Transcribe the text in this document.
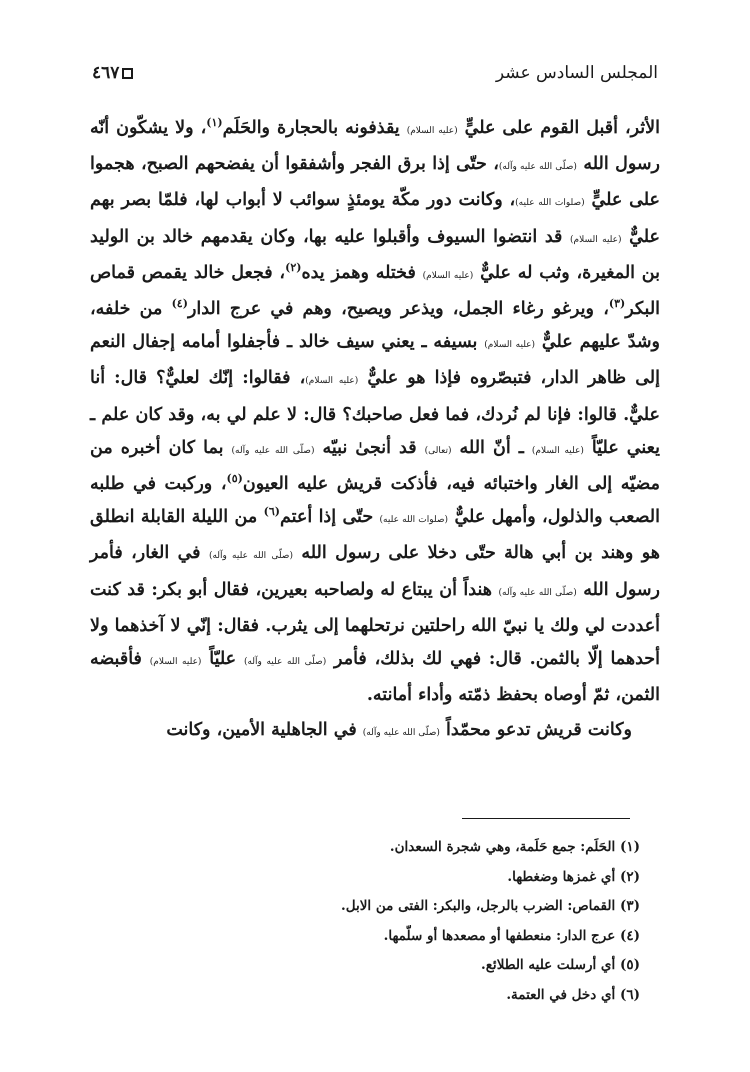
المجلس السادس عشر
٤٦٧

الأثر، أقبل القوم على عليٍّ (عليه السلام) يقذفونه بالحجارة والحَلَم$^{(١)}$، ولا يشكّون أنّه رسول الله (صلّى الله عليه وآله)، حتّى إذا برق الفجر وأشفقوا أن يفضحهم الصبح، هجموا على عليٍّ (صلوات الله عليه)، وكانت دور مكّة يومئذٍ سوائب لا أبواب لها، فلمّا بصر بهم عليٌّ (عليه السلام) قد انتضوا السيوف وأقبلوا عليه بها، وكان يقدمهم خالد بن الوليد بن المغيرة، وثب له عليٌّ (عليه السلام) فختله وهمز يده$^{(٢)}$، فجعل خالد يقمص قماص البكر$^{(٣)}$، ويرغو رغاء الجمل، ويذعر ويصيح، وهم في عرج الدار$^{(٤)}$ من خلفه، وشدّ عليهم عليٌّ (عليه السلام) بسيفه ـ يعني سيف خالد ـ فأجفلوا أمامه إجفال النعم إلى ظاهر الدار، فتبصّروه فإذا هو عليٌّ (عليه السلام)، فقالوا: إنّك لعليٌّ؟ قال: أنا عليٌّ. قالوا: فإنا لم نُردك، فما فعل صاحبك؟ قال: لا علم لي به، وقد كان علم ـ يعني عليّاً (عليه السلام) ـ أنّ الله (تعالى) قد أنجىٰ نبيّه (صلّى الله عليه وآله) بما كان أخبره من مضيّه إلى الغار واختبائه فيه، فأذكت قريش عليه العيون$^{(٥)}$، وركبت في طلبه الصعب والذلول، وأمهل عليٌّ (صلوات الله عليه) حتّى إذا أعتم$^{(٦)}$ من الليلة القابلة انطلق هو وهند بن أبي هالة حتّى دخلا على رسول الله (صلّى الله عليه وآله) في الغار، فأمر رسول الله (صلّى الله عليه وآله) هنداً أن يبتاع له ولصاحبه بعيرين، فقال أبو بكر: قد كنت أعددت لي ولك يا نبيّ الله راحلتين نرتحلهما إلى يثرب. فقال: إنّي لا آخذهما ولا أحدهما إلّا بالثمن. قال: فهي لك بذلك، فأمر (صلّى الله عليه وآله) عليّاً (عليه السلام) فأقبضه الثمن، ثمّ أوصاه بحفظ ذمّته وأداء أمانته.

وكانت قريش تدعو محمّداً (صلّى الله عليه وآله) في الجاهلية الأمين، وكانت

(١) الحَلَم: جمع حَلَمة، وهي شجرة السعدان.
(٢) أي غمزها وضغطها.
(٣) القماص: الضرب بالرجل، والبكر: الفتى من الابل.
(٤) عرج الدار: منعطفها أو مصعدها أو سلّمها.
(٥) أي أرسلت عليه الطلائع.
(٦) أي دخل في العتمة.
